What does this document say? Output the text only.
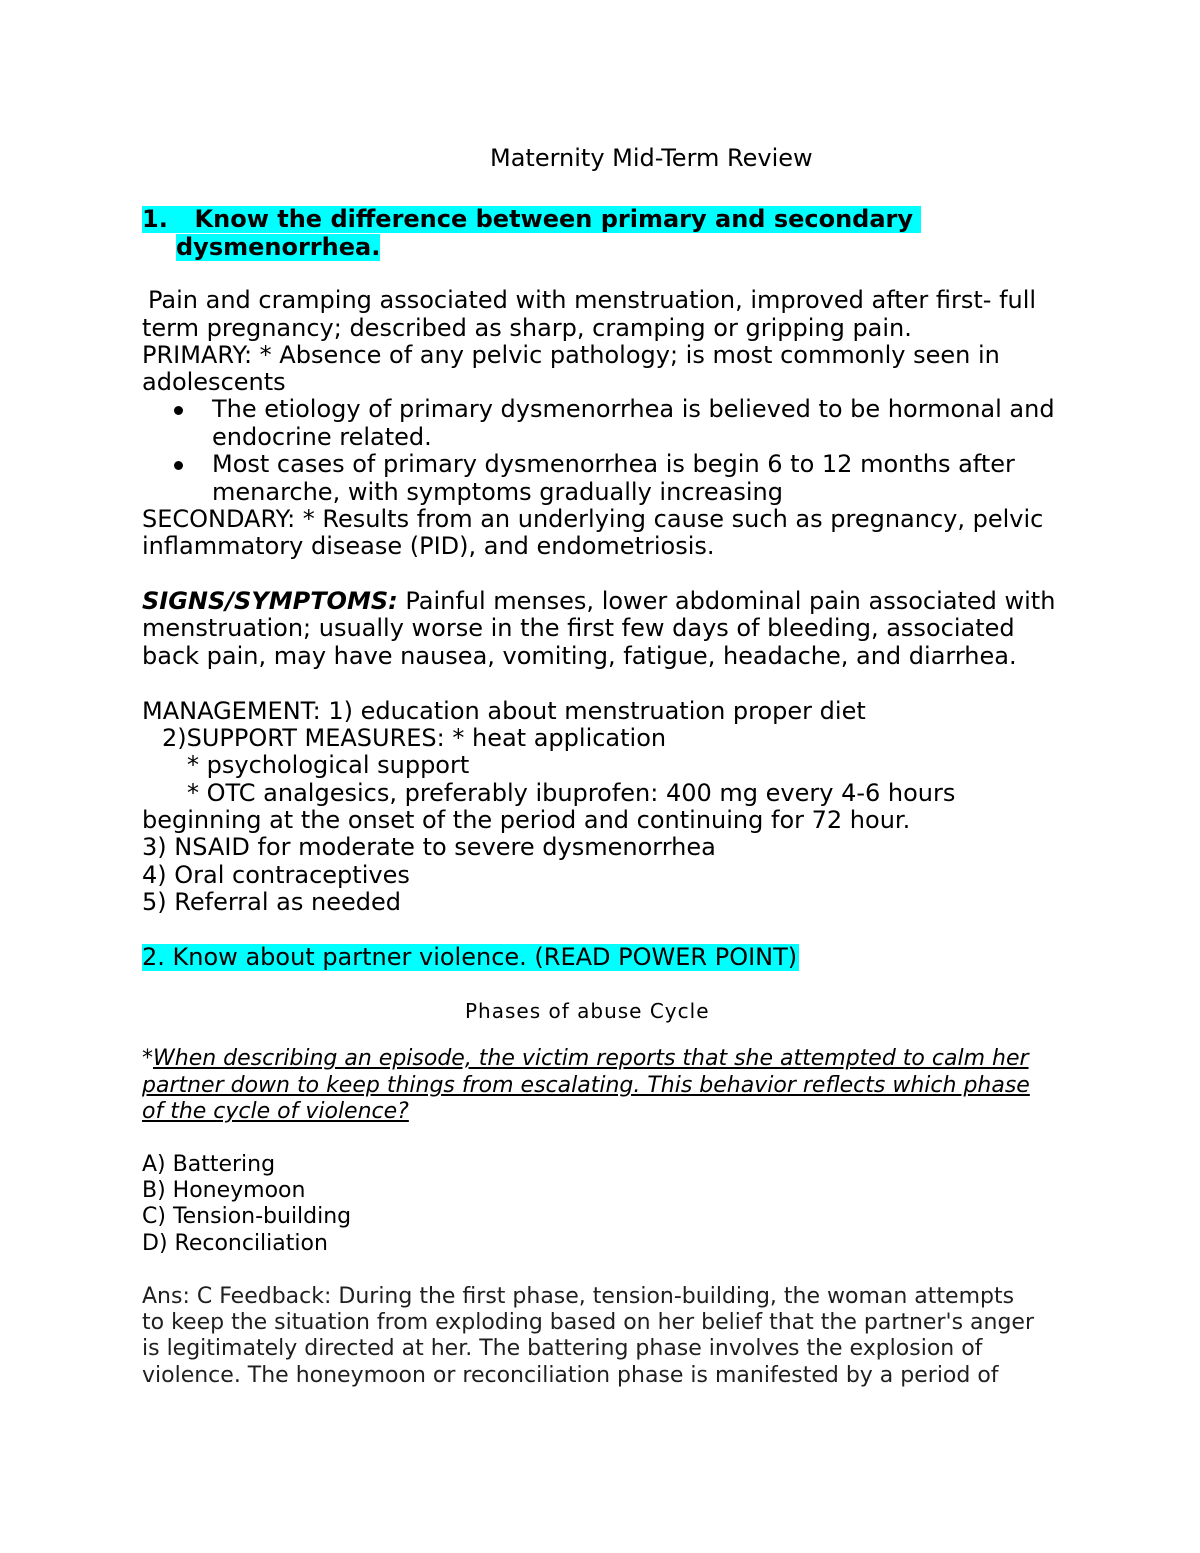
Maternity Mid-Term Review
1. Know the difference between primary and secondary
dysmenorrhea.
Pain and cramping associated with menstruation, improved after first- full
term pregnancy; described as sharp, cramping or gripping pain.
PRIMARY: * Absence of any pelvic pathology; is most commonly seen in
adolescents
The etiology of primary dysmenorrhea is believed to be hormonal and
endocrine related.
Most cases of primary dysmenorrhea is begin 6 to 12 months after
menarche, with symptoms gradually increasing
SECONDARY: * Results from an underlying cause such as pregnancy, pelvic
inflammatory disease (PID), and endometriosis.
SIGNS/SYMPTOMS: Painful menses, lower abdominal pain associated with
menstruation; usually worse in the first few days of bleeding, associated
back pain, may have nausea, vomiting, fatigue, headache, and diarrhea.
MANAGEMENT: 1) education about menstruation proper diet
2)SUPPORT MEASURES: * heat application
* psychological support
* OTC analgesics, preferably ibuprofen: 400 mg every 4-6 hours
beginning at the onset of the period and continuing for 72 hour.
3) NSAID for moderate to severe dysmenorrhea
4) Oral contraceptives
5) Referral as needed
2. Know about partner violence. (READ POWER POINT)
Phases of abuse Cycle
*When describing an episode, the victim reports that she attempted to calm her
partner down to keep things from escalating. This behavior reflects which phase
of the cycle of violence?
A) Battering
B) Honeymoon
C) Tension-building
D) Reconciliation
Ans: C Feedback: During the first phase, tension-building, the woman attempts
to keep the situation from exploding based on her belief that the partner's anger
is legitimately directed at her. The battering phase involves the explosion of
violence. The honeymoon or reconciliation phase is manifested by a period of
